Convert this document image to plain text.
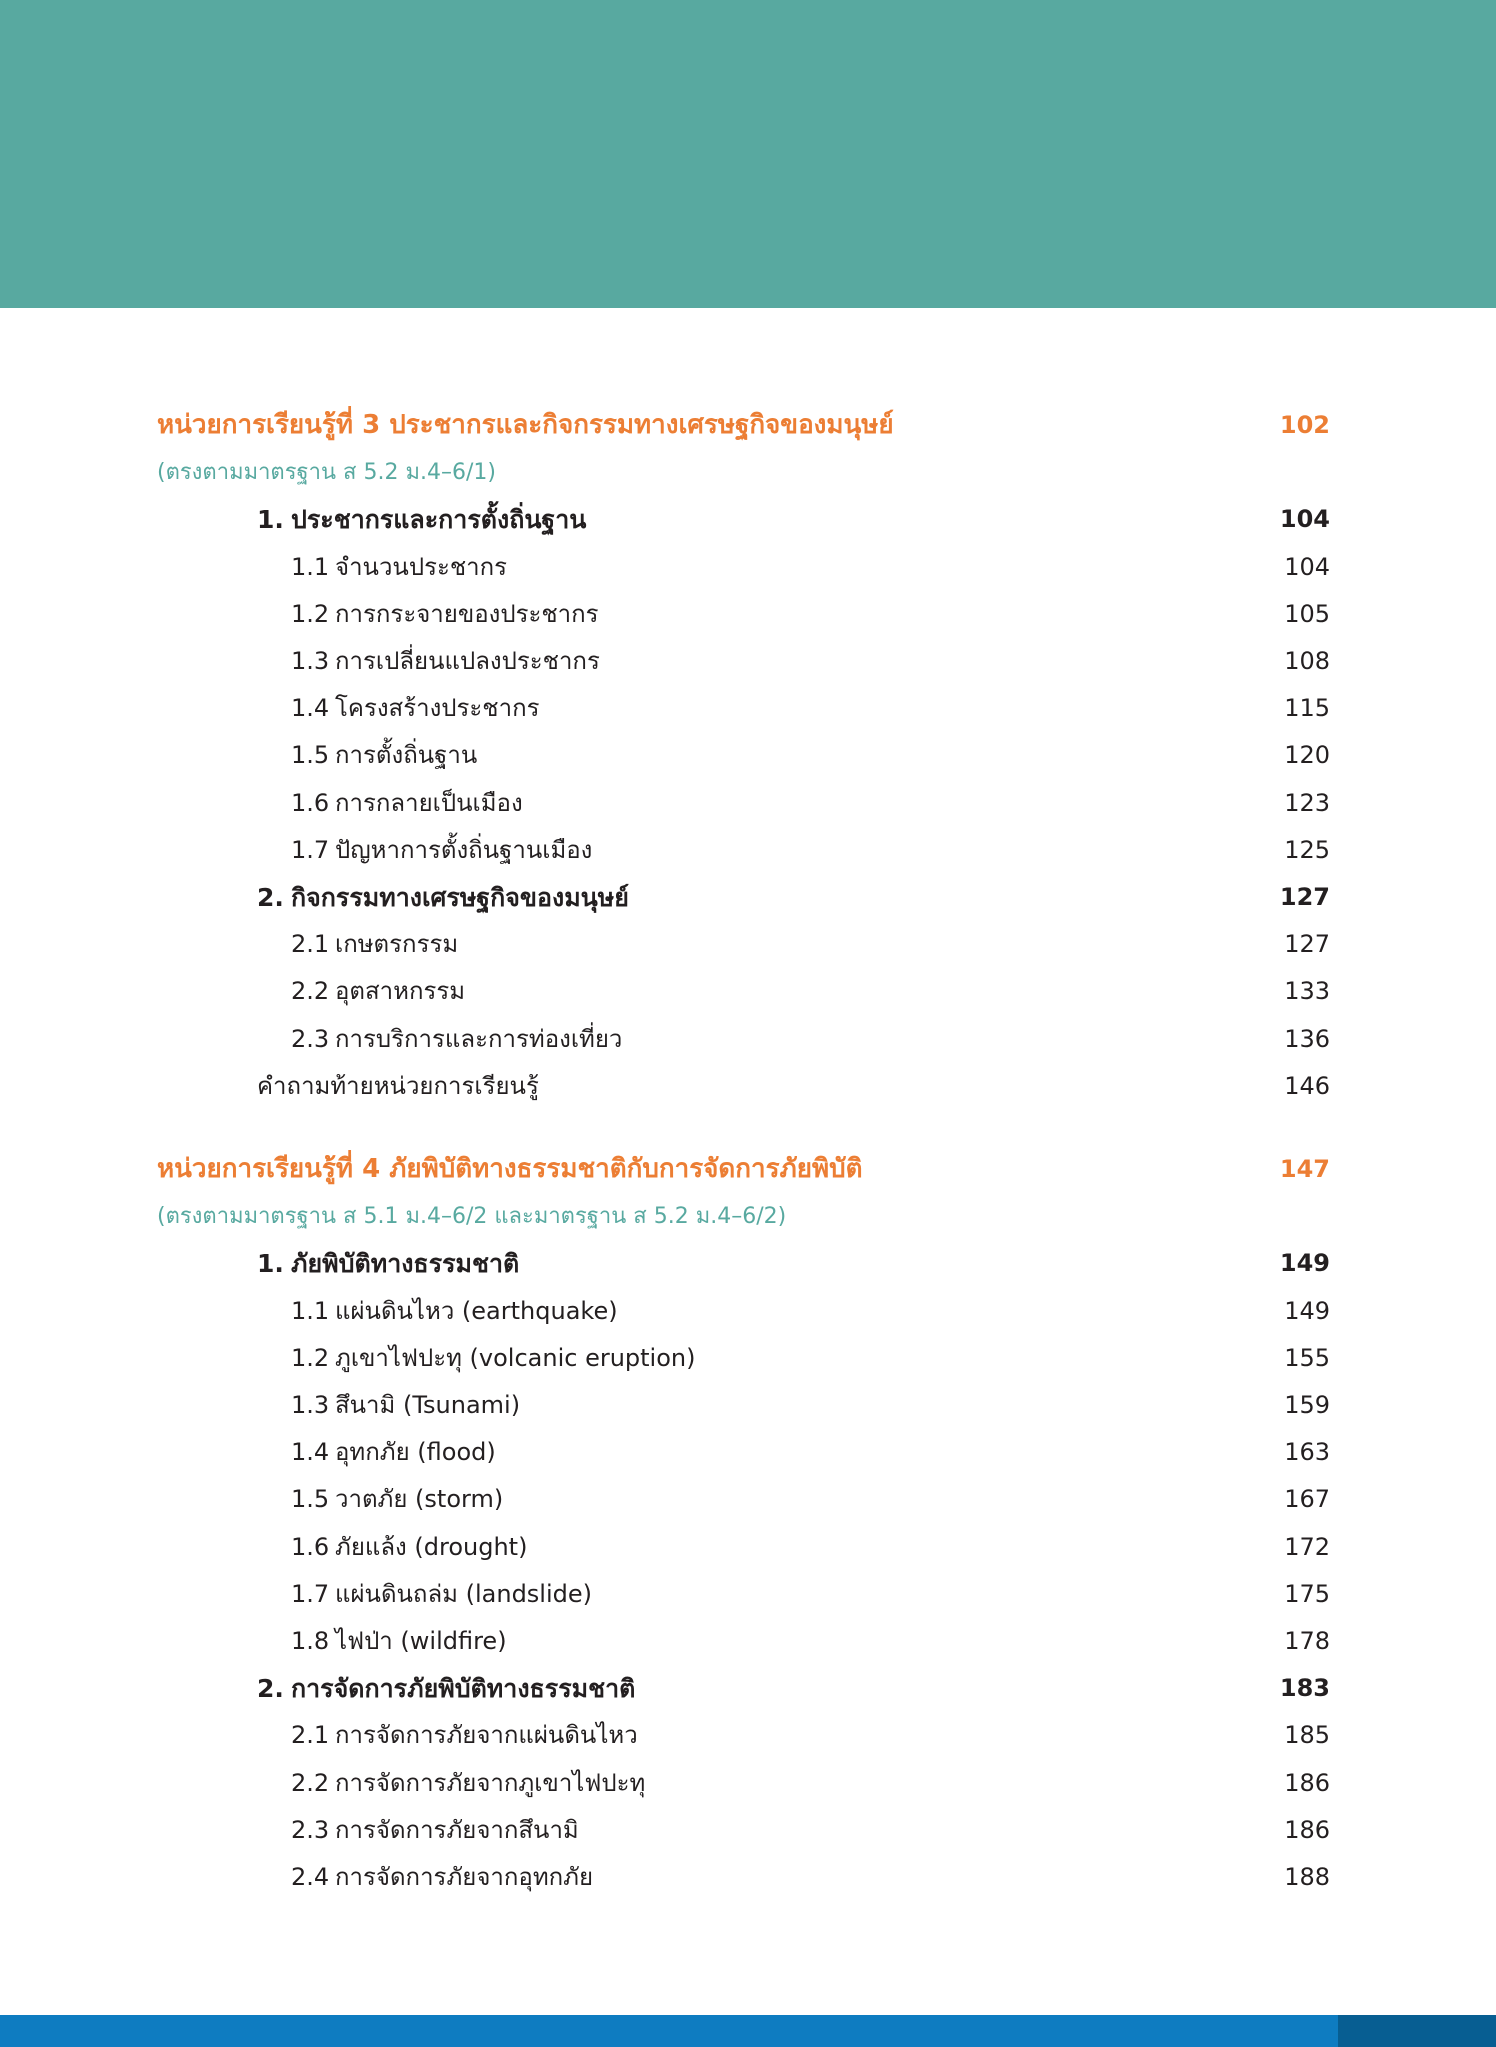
หน่วยการเรียนรู้ที่ 3 ประชากรและกิจกรรมทางเศรษฐกิจของมนุษย์	102
(ตรงตามมาตรฐาน ส 5.2 ม.4–6/1)
1. ประชากรและการตั้งถิ่นฐาน	104
1.1 จำนวนประชากร	104
1.2 การกระจายของประชากร	105
1.3 การเปลี่ยนแปลงประชากร	108
1.4 โครงสร้างประชากร	115
1.5 การตั้งถิ่นฐาน	120
1.6 การกลายเป็นเมือง	123
1.7 ปัญหาการตั้งถิ่นฐานเมือง	125
2. กิจกรรมทางเศรษฐกิจของมนุษย์	127
2.1 เกษตรกรรม	127
2.2 อุตสาหกรรม	133
2.3 การบริการและการท่องเที่ยว	136
คำถามท้ายหน่วยการเรียนรู้	146
หน่วยการเรียนรู้ที่ 4 ภัยพิบัติทางธรรมชาติกับการจัดการภัยพิบัติ	147
(ตรงตามมาตรฐาน ส 5.1 ม.4–6/2 และมาตรฐาน ส 5.2 ม.4–6/2)
1. ภัยพิบัติทางธรรมชาติ	149
1.1 แผ่นดินไหว (earthquake)	149
1.2 ภูเขาไฟปะทุ (volcanic eruption)	155
1.3 สึนามิ (Tsunami)	159
1.4 อุทกภัย (flood)	163
1.5 วาตภัย (storm)	167
1.6 ภัยแล้ง (drought)	172
1.7 แผ่นดินถล่ม (landslide)	175
1.8 ไฟป่า (wildfire)	178
2. การจัดการภัยพิบัติทางธรรมชาติ	183
2.1 การจัดการภัยจากแผ่นดินไหว	185
2.2 การจัดการภัยจากภูเขาไฟปะทุ	186
2.3 การจัดการภัยจากสึนามิ	186
2.4 การจัดการภัยจากอุทกภัย	188
